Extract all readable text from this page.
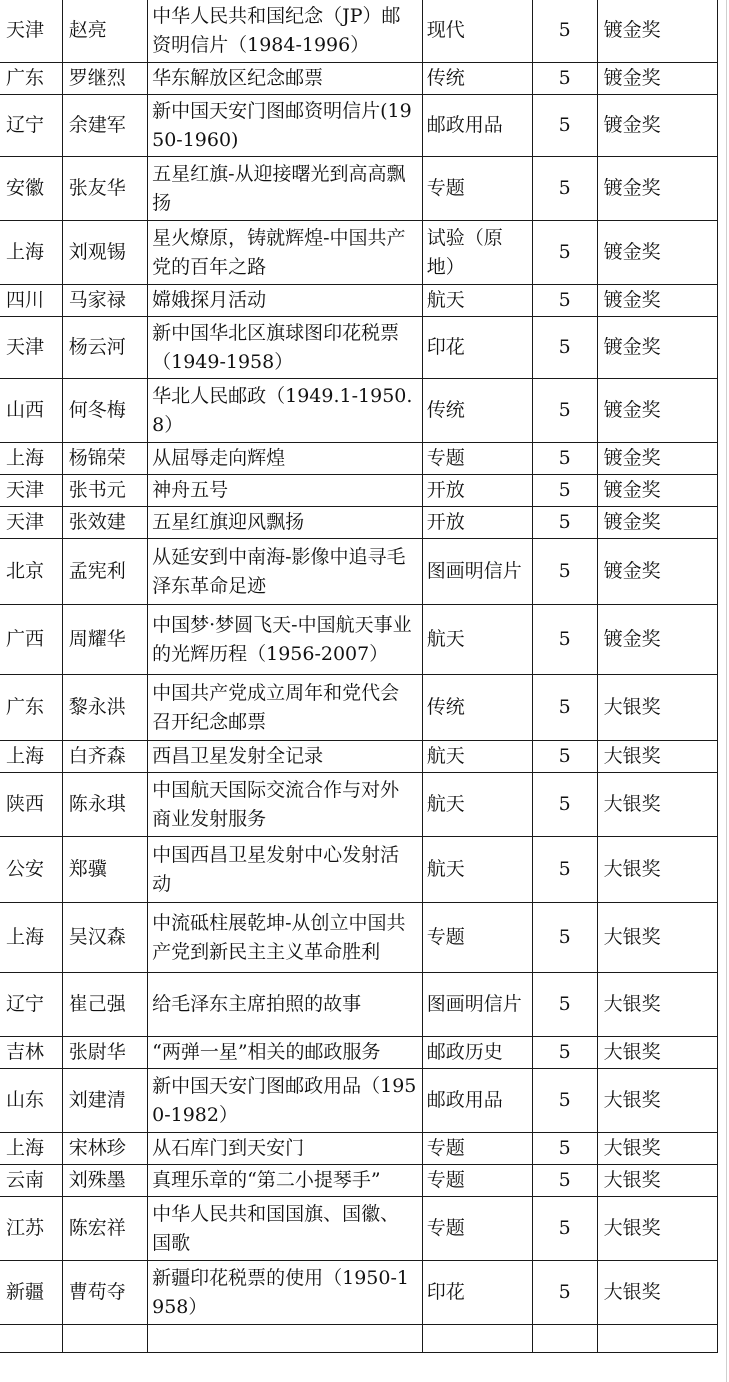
天津	赵亮	中华人民共和国纪念（JP）邮资明信片（1984-1996）	现代	5	镀金奖
广东	罗继烈	华东解放区纪念邮票	传统	5	镀金奖
辽宁	余建军	新中国天安门图邮资明信片(1950-1960)	邮政用品	5	镀金奖
安徽	张友华	五星红旗-从迎接曙光到高高飘扬	专题	5	镀金奖
上海	刘观锡	星火燎原，铸就辉煌-中国共产党的百年之路	试验（原地）	5	镀金奖
四川	马家禄	嫦娥探月活动	航天	5	镀金奖
天津	杨云河	新中国华北区旗球图印花税票（1949-1958）	印花	5	镀金奖
山西	何冬梅	华北人民邮政（1949.1-1950.8）	传统	5	镀金奖
上海	杨锦荣	从屈辱走向辉煌	专题	5	镀金奖
天津	张书元	神舟五号	开放	5	镀金奖
天津	张效建	五星红旗迎风飘扬	开放	5	镀金奖
北京	孟宪利	从延安到中南海-影像中追寻毛泽东革命足迹	图画明信片	5	镀金奖
广西	周耀华	中国梦·梦圆飞天-中国航天事业的光辉历程（1956-2007）	航天	5	镀金奖
广东	黎永洪	中国共产党成立周年和党代会召开纪念邮票	传统	5	大银奖
上海	白齐森	西昌卫星发射全记录	航天	5	大银奖
陕西	陈永琪	中国航天国际交流合作与对外商业发射服务	航天	5	大银奖
公安	郑骥	中国西昌卫星发射中心发射活动	航天	5	大银奖
上海	吴汉森	中流砥柱展乾坤-从创立中国共产党到新民主主义革命胜利	专题	5	大银奖
辽宁	崔己强	给毛泽东主席拍照的故事	图画明信片	5	大银奖
吉林	张尉华	“两弹一星”相关的邮政服务	邮政历史	5	大银奖
山东	刘建清	新中国天安门图邮政用品（1950-1982）	邮政用品	5	大银奖
上海	宋林珍	从石库门到天安门	专题	5	大银奖
云南	刘殊墨	真理乐章的“第二小提琴手”	专题	5	大银奖
江苏	陈宏祥	中华人民共和国国旗、国徽、国歌	专题	5	大银奖
新疆	曹苟夺	新疆印花税票的使用（1950-1958）	印花	5	大银奖
